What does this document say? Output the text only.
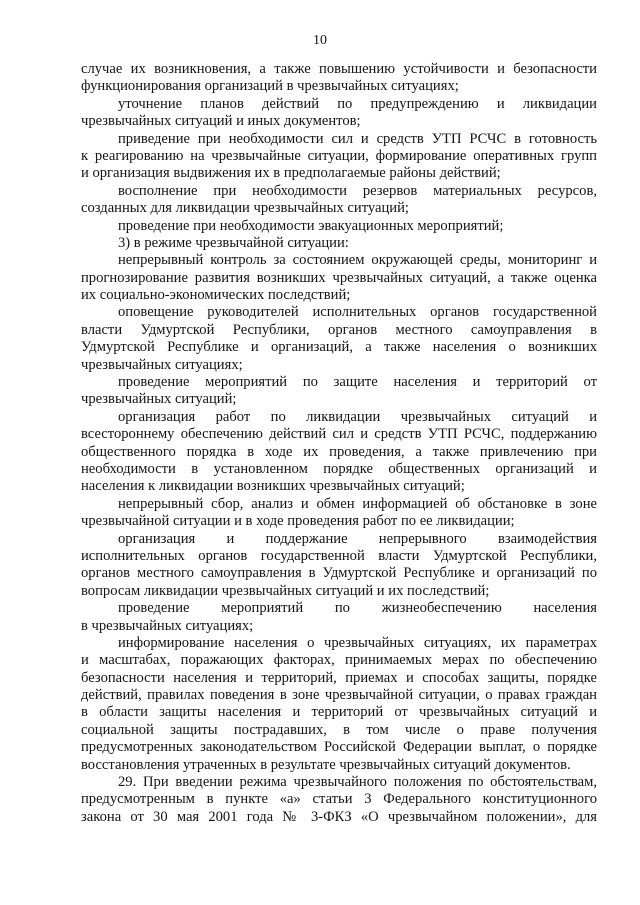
10
случае их возникновения, а также повышению устойчивости и безопасности
функционирования организаций в чрезвычайных ситуациях;
уточнение планов действий по предупреждению и ликвидации
чрезвычайных ситуаций и иных документов;
приведение при необходимости сил и средств УТП РСЧС в готовность
к реагированию на чрезвычайные ситуации, формирование оперативных групп
и организация выдвижения их в предполагаемые районы действий;
восполнение при необходимости резервов материальных ресурсов,
созданных для ликвидации чрезвычайных ситуаций;
проведение при необходимости эвакуационных мероприятий;
3) в режиме чрезвычайной ситуации:
непрерывный контроль за состоянием окружающей среды, мониторинг и
прогнозирование развития возникших чрезвычайных ситуаций, а также оценка
их социально-экономических последствий;
оповещение руководителей исполнительных органов государственной
власти Удмуртской Республики, органов местного самоуправления в
Удмуртской Республике и организаций, а также населения о возникших
чрезвычайных ситуациях;
проведение мероприятий по защите населения и территорий от
чрезвычайных ситуаций;
организация работ по ликвидации чрезвычайных ситуаций и
всестороннему обеспечению действий сил и средств УТП РСЧС, поддержанию
общественного порядка в ходе их проведения, а также привлечению при
необходимости в установленном порядке общественных организаций и
населения к ликвидации возникших чрезвычайных ситуаций;
непрерывный сбор, анализ и обмен информацией об обстановке в зоне
чрезвычайной ситуации и в ходе проведения работ по ее ликвидации;
организация и поддержание непрерывного взаимодействия
исполнительных органов государственной власти Удмуртской Республики,
органов местного самоуправления в Удмуртской Республике и организаций по
вопросам ликвидации чрезвычайных ситуаций и их последствий;
проведение мероприятий по жизнеобеспечению населения
в чрезвычайных ситуациях;
информирование населения о чрезвычайных ситуациях, их параметрах
и масштабах, поражающих факторах, принимаемых мерах по обеспечению
безопасности населения и территорий, приемах и способах защиты, порядке
действий, правилах поведения в зоне чрезвычайной ситуации, о правах граждан
в области защиты населения и территорий от чрезвычайных ситуаций и
социальной защиты пострадавших, в том числе о праве получения
предусмотренных законодательством Российской Федерации выплат, о порядке
восстановления утраченных в результате чрезвычайных ситуаций документов.
29. При введении режима чрезвычайного положения по обстоятельствам,
предусмотренным в пункте «а» статьи 3 Федерального конституционного
закона от 30 мая 2001 года № 3-ФКЗ «О чрезвычайном положении», для
